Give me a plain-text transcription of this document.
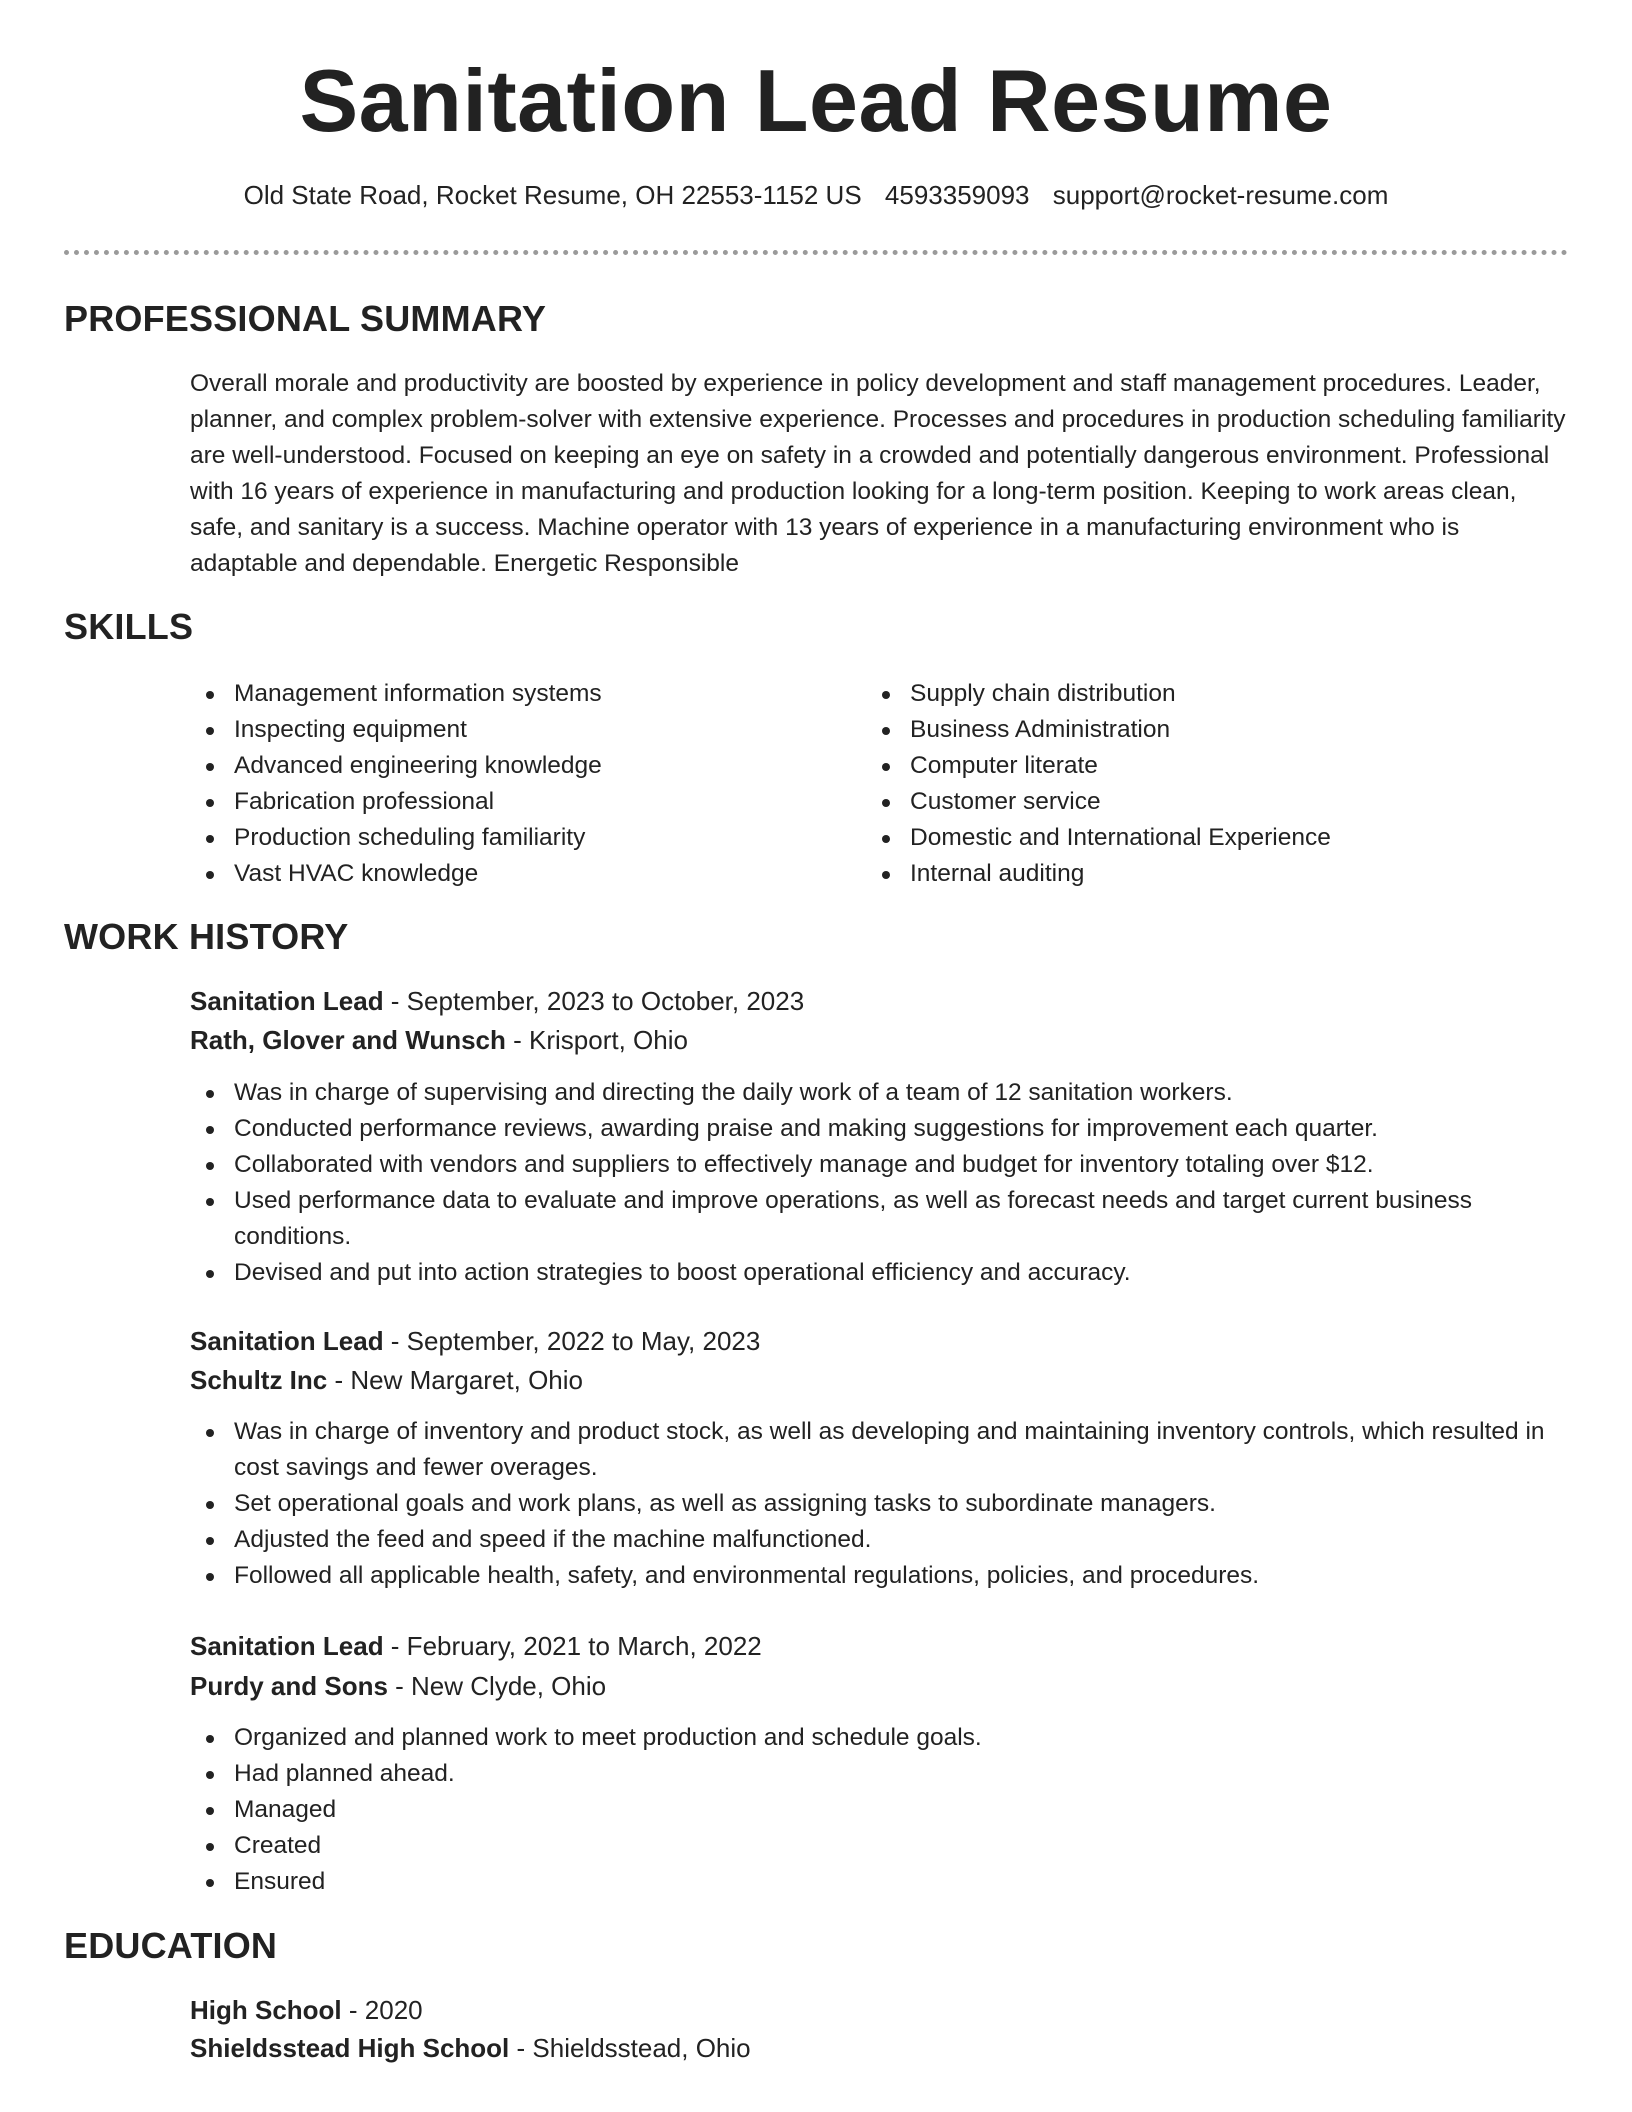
Sanitation Lead Resume
Old State Road, Rocket Resume, OH 22553-1152 US 4593359093 support@rocket-resume.com
PROFESSIONAL SUMMARY
Overall morale and productivity are boosted by experience in policy development and staff management procedures. Leader, planner, and complex problem-solver with extensive experience. Processes and procedures in production scheduling familiarity are well-understood. Focused on keeping an eye on safety in a crowded and potentially dangerous environment. Professional with 16 years of experience in manufacturing and production looking for a long-term position. Keeping to work areas clean, safe, and sanitary is a success. Machine operator with 13 years of experience in a manufacturing environment who is adaptable and dependable. Energetic Responsible
SKILLS
Management information systems
Inspecting equipment
Advanced engineering knowledge
Fabrication professional
Production scheduling familiarity
Vast HVAC knowledge
Supply chain distribution
Business Administration
Computer literate
Customer service
Domestic and International Experience
Internal auditing
WORK HISTORY
Sanitation Lead - September, 2023 to October, 2023
Rath, Glover and Wunsch - Krisport, Ohio
Was in charge of supervising and directing the daily work of a team of 12 sanitation workers.
Conducted performance reviews, awarding praise and making suggestions for improvement each quarter.
Collaborated with vendors and suppliers to effectively manage and budget for inventory totaling over $12.
Used performance data to evaluate and improve operations, as well as forecast needs and target current business conditions.
Devised and put into action strategies to boost operational efficiency and accuracy.
Sanitation Lead - September, 2022 to May, 2023
Schultz Inc - New Margaret, Ohio
Was in charge of inventory and product stock, as well as developing and maintaining inventory controls, which resulted in cost savings and fewer overages.
Set operational goals and work plans, as well as assigning tasks to subordinate managers.
Adjusted the feed and speed if the machine malfunctioned.
Followed all applicable health, safety, and environmental regulations, policies, and procedures.
Sanitation Lead - February, 2021 to March, 2022
Purdy and Sons - New Clyde, Ohio
Organized and planned work to meet production and schedule goals.
Had planned ahead.
Managed
Created
Ensured
EDUCATION
High School - 2020
Shieldsstead High School - Shieldsstead, Ohio
